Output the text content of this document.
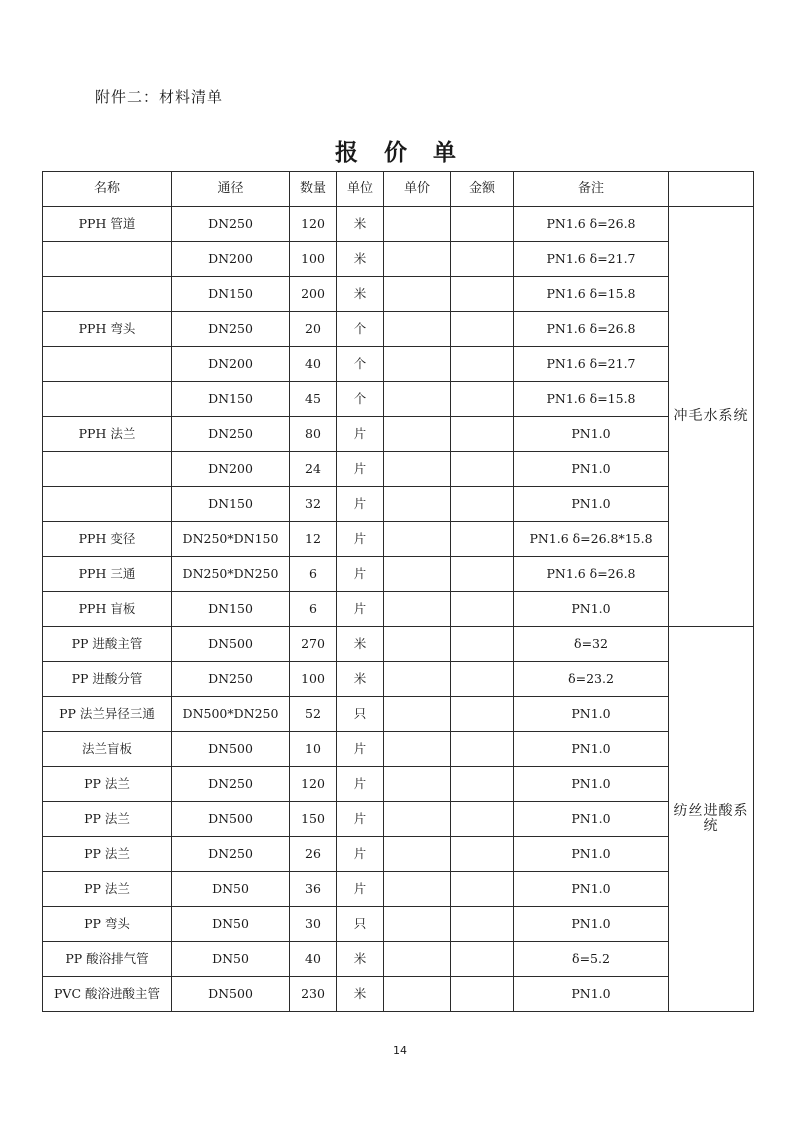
附件二：材料清单
报 价 单
名称	通径	数量	单位	单价	金额	备注	
PPH 管道	DN250	120	米			PN1.6 δ=26.8	冲毛水系统
	DN200	100	米			PN1.6 δ=21.7	
	DN150	200	米			PN1.6 δ=15.8	
PPH 弯头	DN250	20	个			PN1.6 δ=26.8	
	DN200	40	个			PN1.6 δ=21.7	
	DN150	45	个			PN1.6 δ=15.8	
PPH 法兰	DN250	80	片			PN1.0	
	DN200	24	片			PN1.0	
	DN150	32	片			PN1.0	
PPH 变径	DN250*DN150	12	片			PN1.6 δ=26.8*15.8	
PPH 三通	DN250*DN250	6	片			PN1.6 δ=26.8	
PPH 盲板	DN150	6	片			PN1.0	
PP 进酸主管	DN500	270	米			δ=32	纺丝进酸系统
PP 进酸分管	DN250	100	米			δ=23.2	
PP 法兰异径三通	DN500*DN250	52	只			PN1.0	
法兰盲板	DN500	10	片			PN1.0	
PP 法兰	DN250	120	片			PN1.0	
PP 法兰	DN500	150	片			PN1.0	
PP 法兰	DN250	26	片			PN1.0	
PP 法兰	DN50	36	片			PN1.0	
PP 弯头	DN50	30	只			PN1.0	
PP 酸浴排气管	DN50	40	米			δ=5.2	
PVC 酸浴进酸主管	DN500	230	米			PN1.0	
14
